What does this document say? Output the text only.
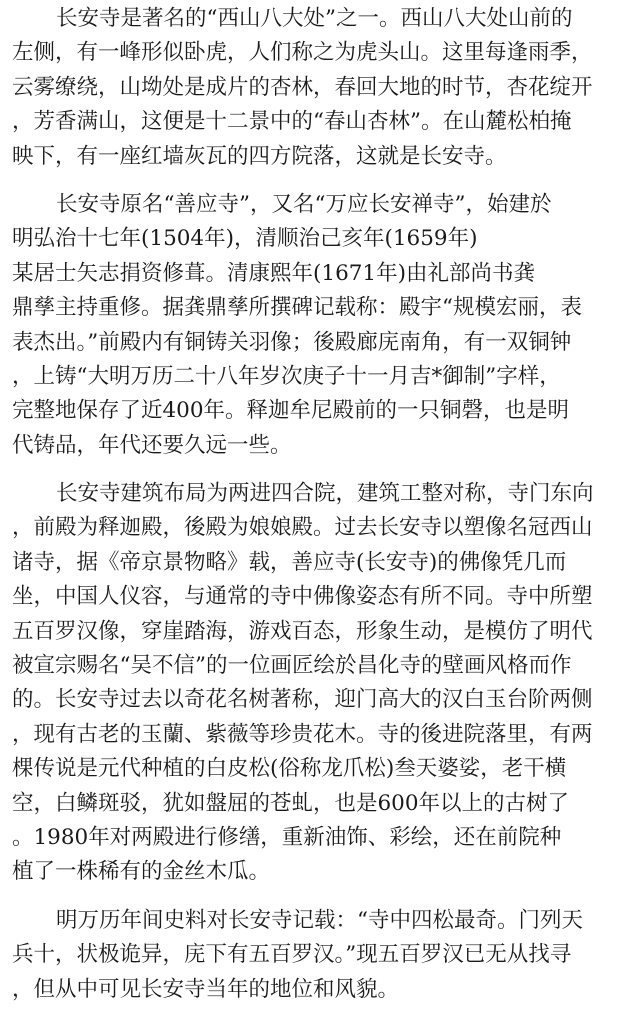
长安寺是著名的“西山八大处”之一。西山八大处山前的
左侧，有一峰形似卧虎，人们称之为虎头山。这里每逢雨季，
云雾缭绕，山坳处是成片的杏林，春回大地的时节，杏花绽开
，芳香满山，这便是十二景中的“春山杏林”。在山麓松柏掩
映下，有一座红墙灰瓦的四方院落，这就是长安寺。
长安寺原名“善应寺”，又名“万应长安禅寺”，始建於
明弘治十七年(1504年)，清顺治己亥年(1659年)
某居士矢志捐资修葺。清康熙年(1671年)由礼部尚书龚
鼎孳主持重修。据龚鼎孳所撰碑记载称：殿宇“规模宏丽，表
表杰出。”前殿内有铜铸关羽像；後殿廊庑南角，有一双铜钟
，上铸“大明万历二十八年岁次庚子十一月吉*御制”字样，
完整地保存了近400年。释迦牟尼殿前的一只铜磬，也是明
代铸品，年代还要久远一些。
长安寺建筑布局为两进四合院，建筑工整对称，寺门东向
，前殿为释迦殿，後殿为娘娘殿。过去长安寺以塑像名冠西山
诸寺，据《帝京景物略》载，善应寺(长安寺)的佛像凭几而
坐，中国人仪容，与通常的寺中佛像姿态有所不同。寺中所塑
五百罗汉像，穿崖踏海，游戏百态，形象生动，是模仿了明代
被宣宗赐名“吴不信”的一位画匠绘於昌化寺的壁画风格而作
的。长安寺过去以奇花名树著称，迎门高大的汉白玉台阶两侧
，现有古老的玉蘭、紫薇等珍贵花木。寺的後进院落里，有两
棵传说是元代种植的白皮松(俗称龙爪松)叁天婆娑，老干横
空，白鳞斑驳，犹如盤屈的苍虬，也是600年以上的古树了
。1980年对两殿进行修缮，重新油饰、彩绘，还在前院种
植了一株稀有的金丝木瓜。
明万历年间史料对长安寺记载：“寺中四松最奇。门列天
兵十，状极诡异，庑下有五百罗汉。”现五百罗汉已无从找寻
，但从中可见长安寺当年的地位和风貌。
